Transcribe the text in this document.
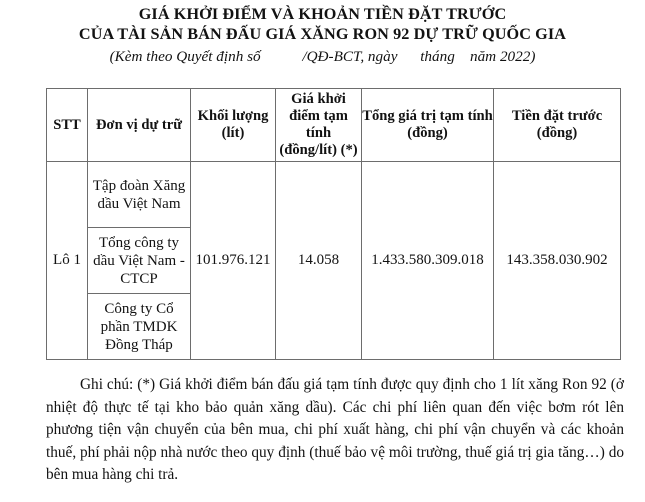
GIÁ KHỞI ĐIỂM VÀ KHOẢN TIỀN ĐẶT TRƯỚC
CỦA TÀI SẢN BÁN ĐẤU GIÁ XĂNG RON 92 DỰ TRỮ QUỐC GIA
(Kèm theo Quyết định số           /QĐ-BCT, ngày      tháng    năm 2022)
STT	Đơn vị dự trữ	Khối lượng (lít)	Giá khởi điểm tạm tính (đồng/lít) (*)	Tổng giá trị tạm tính (đồng)	Tiền đặt trước (đồng)
Lô 1	Tập đoàn Xăng dầu Việt Nam	101.976.121	14.058	1.433.580.309.018	143.358.030.902
	Tổng công ty dầu Việt Nam - CTCP				
	Công ty Cổ phần TMDK Đồng Tháp				
Ghi chú: (*) Giá khởi điểm bán đấu giá tạm tính được quy định cho 1 lít xăng Ron 92 (ở nhiệt độ thực tế tại kho bảo quản xăng dầu). Các chi phí liên quan đến việc bơm rót lên phương tiện vận chuyển của bên mua, chi phí xuất hàng, chi phí vận chuyển và các khoản thuế, phí phải nộp nhà nước theo quy định (thuế bảo vệ môi trường, thuế giá trị gia tăng…) do bên mua hàng chi trả.
